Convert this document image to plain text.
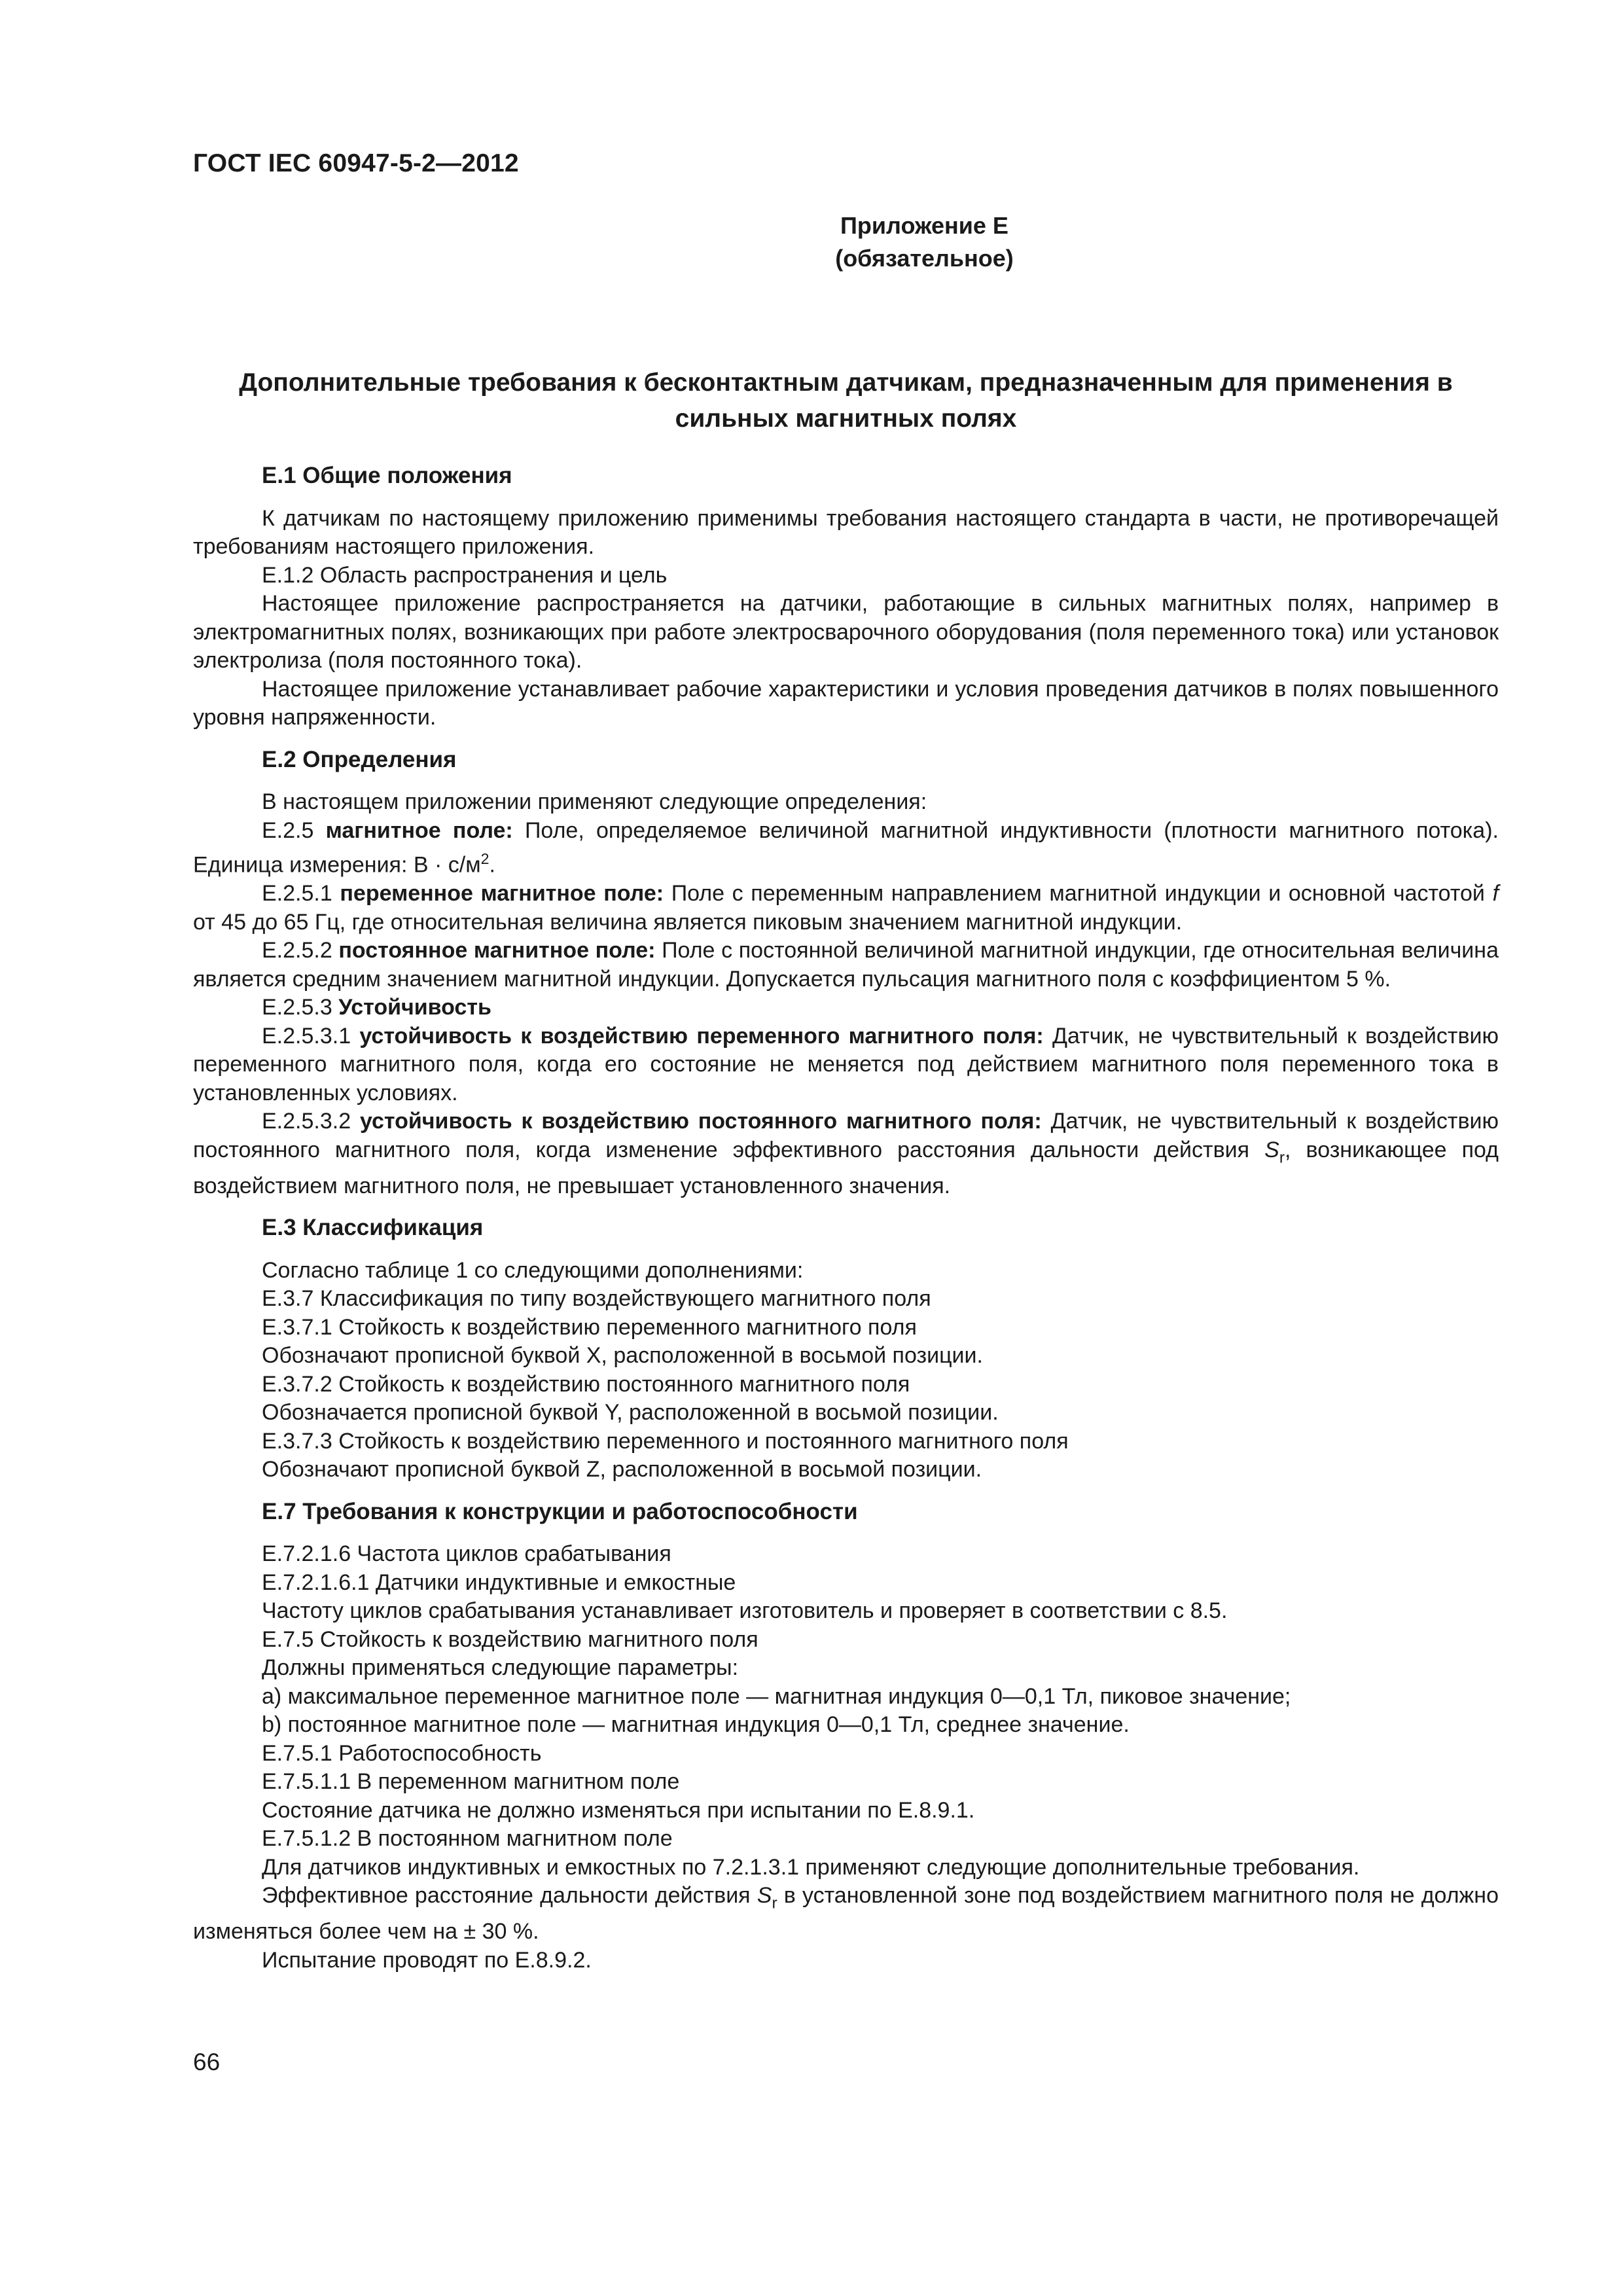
ГОСТ IEC 60947-5-2—2012
Приложение Е
(обязательное)
Дополнительные требования к бесконтактным датчикам, предназначенным для применения в сильных магнитных полях

Е.1 Общие положения

К датчикам по настоящему приложению применимы требования настоящего стандарта в части, не противоречащей требованиям настоящего приложения.

Е.1.2 Область распространения и цель

Настоящее приложение распространяется на датчики, работающие в сильных магнитных полях, например в электромагнитных полях, возникающих при работе электросварочного оборудования (поля переменного тока) или установок электролиза (поля постоянного тока).

Настоящее приложение устанавливает рабочие характеристики и условия проведения датчиков в полях повышенного уровня напряженности.

Е.2 Определения

В настоящем приложении применяют следующие определения:

Е.2.5 магнитное поле: Поле, определяемое величиной магнитной индуктивности (плотности магнитного потока). Единица измерения: $В \cdot с/м^2$.

Е.2.5.1 переменное магнитное поле: Поле с переменным направлением магнитной индукции и основной частотой f от 45 до 65 Гц, где относительная величина является пиковым значением магнитной индукции.

Е.2.5.2 постоянное магнитное поле: Поле с постоянной величиной магнитной индукции, где относительная величина является средним значением магнитной индукции. Допускается пульсация магнитного поля с коэффициентом 5 %.

Е.2.5.3 Устойчивость

Е.2.5.3.1 устойчивость к воздействию переменного магнитного поля: Датчик, не чувствительный к воздействию переменного магнитного поля, когда его состояние не меняется под действием магнитного поля переменного тока в установленных условиях.

Е.2.5.3.2 устойчивость к воздействию постоянного магнитного поля: Датчик, не чувствительный к воздействию постоянного магнитного поля, когда изменение эффективного расстояния дальности действия $S_r$, возникающее под воздействием магнитного поля, не превышает установленного значения.

Е.3 Классификация

Согласно таблице 1 со следующими дополнениями:

Е.3.7 Классификация по типу воздействующего магнитного поля

Е.3.7.1 Стойкость к воздействию переменного магнитного поля

Обозначают прописной буквой X, расположенной в восьмой позиции.

Е.3.7.2 Стойкость к воздействию постоянного магнитного поля

Обозначается прописной буквой Y, расположенной в восьмой позиции.

Е.3.7.3 Стойкость к воздействию переменного и постоянного магнитного поля

Обозначают прописной буквой Z, расположенной в восьмой позиции.

Е.7 Требования к конструкции и работоспособности

Е.7.2.1.6 Частота циклов срабатывания

Е.7.2.1.6.1 Датчики индуктивные и емкостные

Частоту циклов срабатывания устанавливает изготовитель и проверяет в соответствии с 8.5.

Е.7.5 Стойкость к воздействию магнитного поля

Должны применяться следующие параметры:

a) максимальное переменное магнитное поле — магнитная индукция 0—0,1 Тл, пиковое значение;

b) постоянное магнитное поле — магнитная индукция 0—0,1 Тл, среднее значение.

Е.7.5.1 Работоспособность

Е.7.5.1.1 В переменном магнитном поле

Состояние датчика не должно изменяться при испытании по Е.8.9.1.

Е.7.5.1.2 В постоянном магнитном поле

Для датчиков индуктивных и емкостных по 7.2.1.3.1 применяют следующие дополнительные требования.

Эффективное расстояние дальности действия $S_r$ в установленной зоне под воздействием магнитного поля не должно изменяться более чем на ± 30 %.

Испытание проводят по Е.8.9.2.

66
